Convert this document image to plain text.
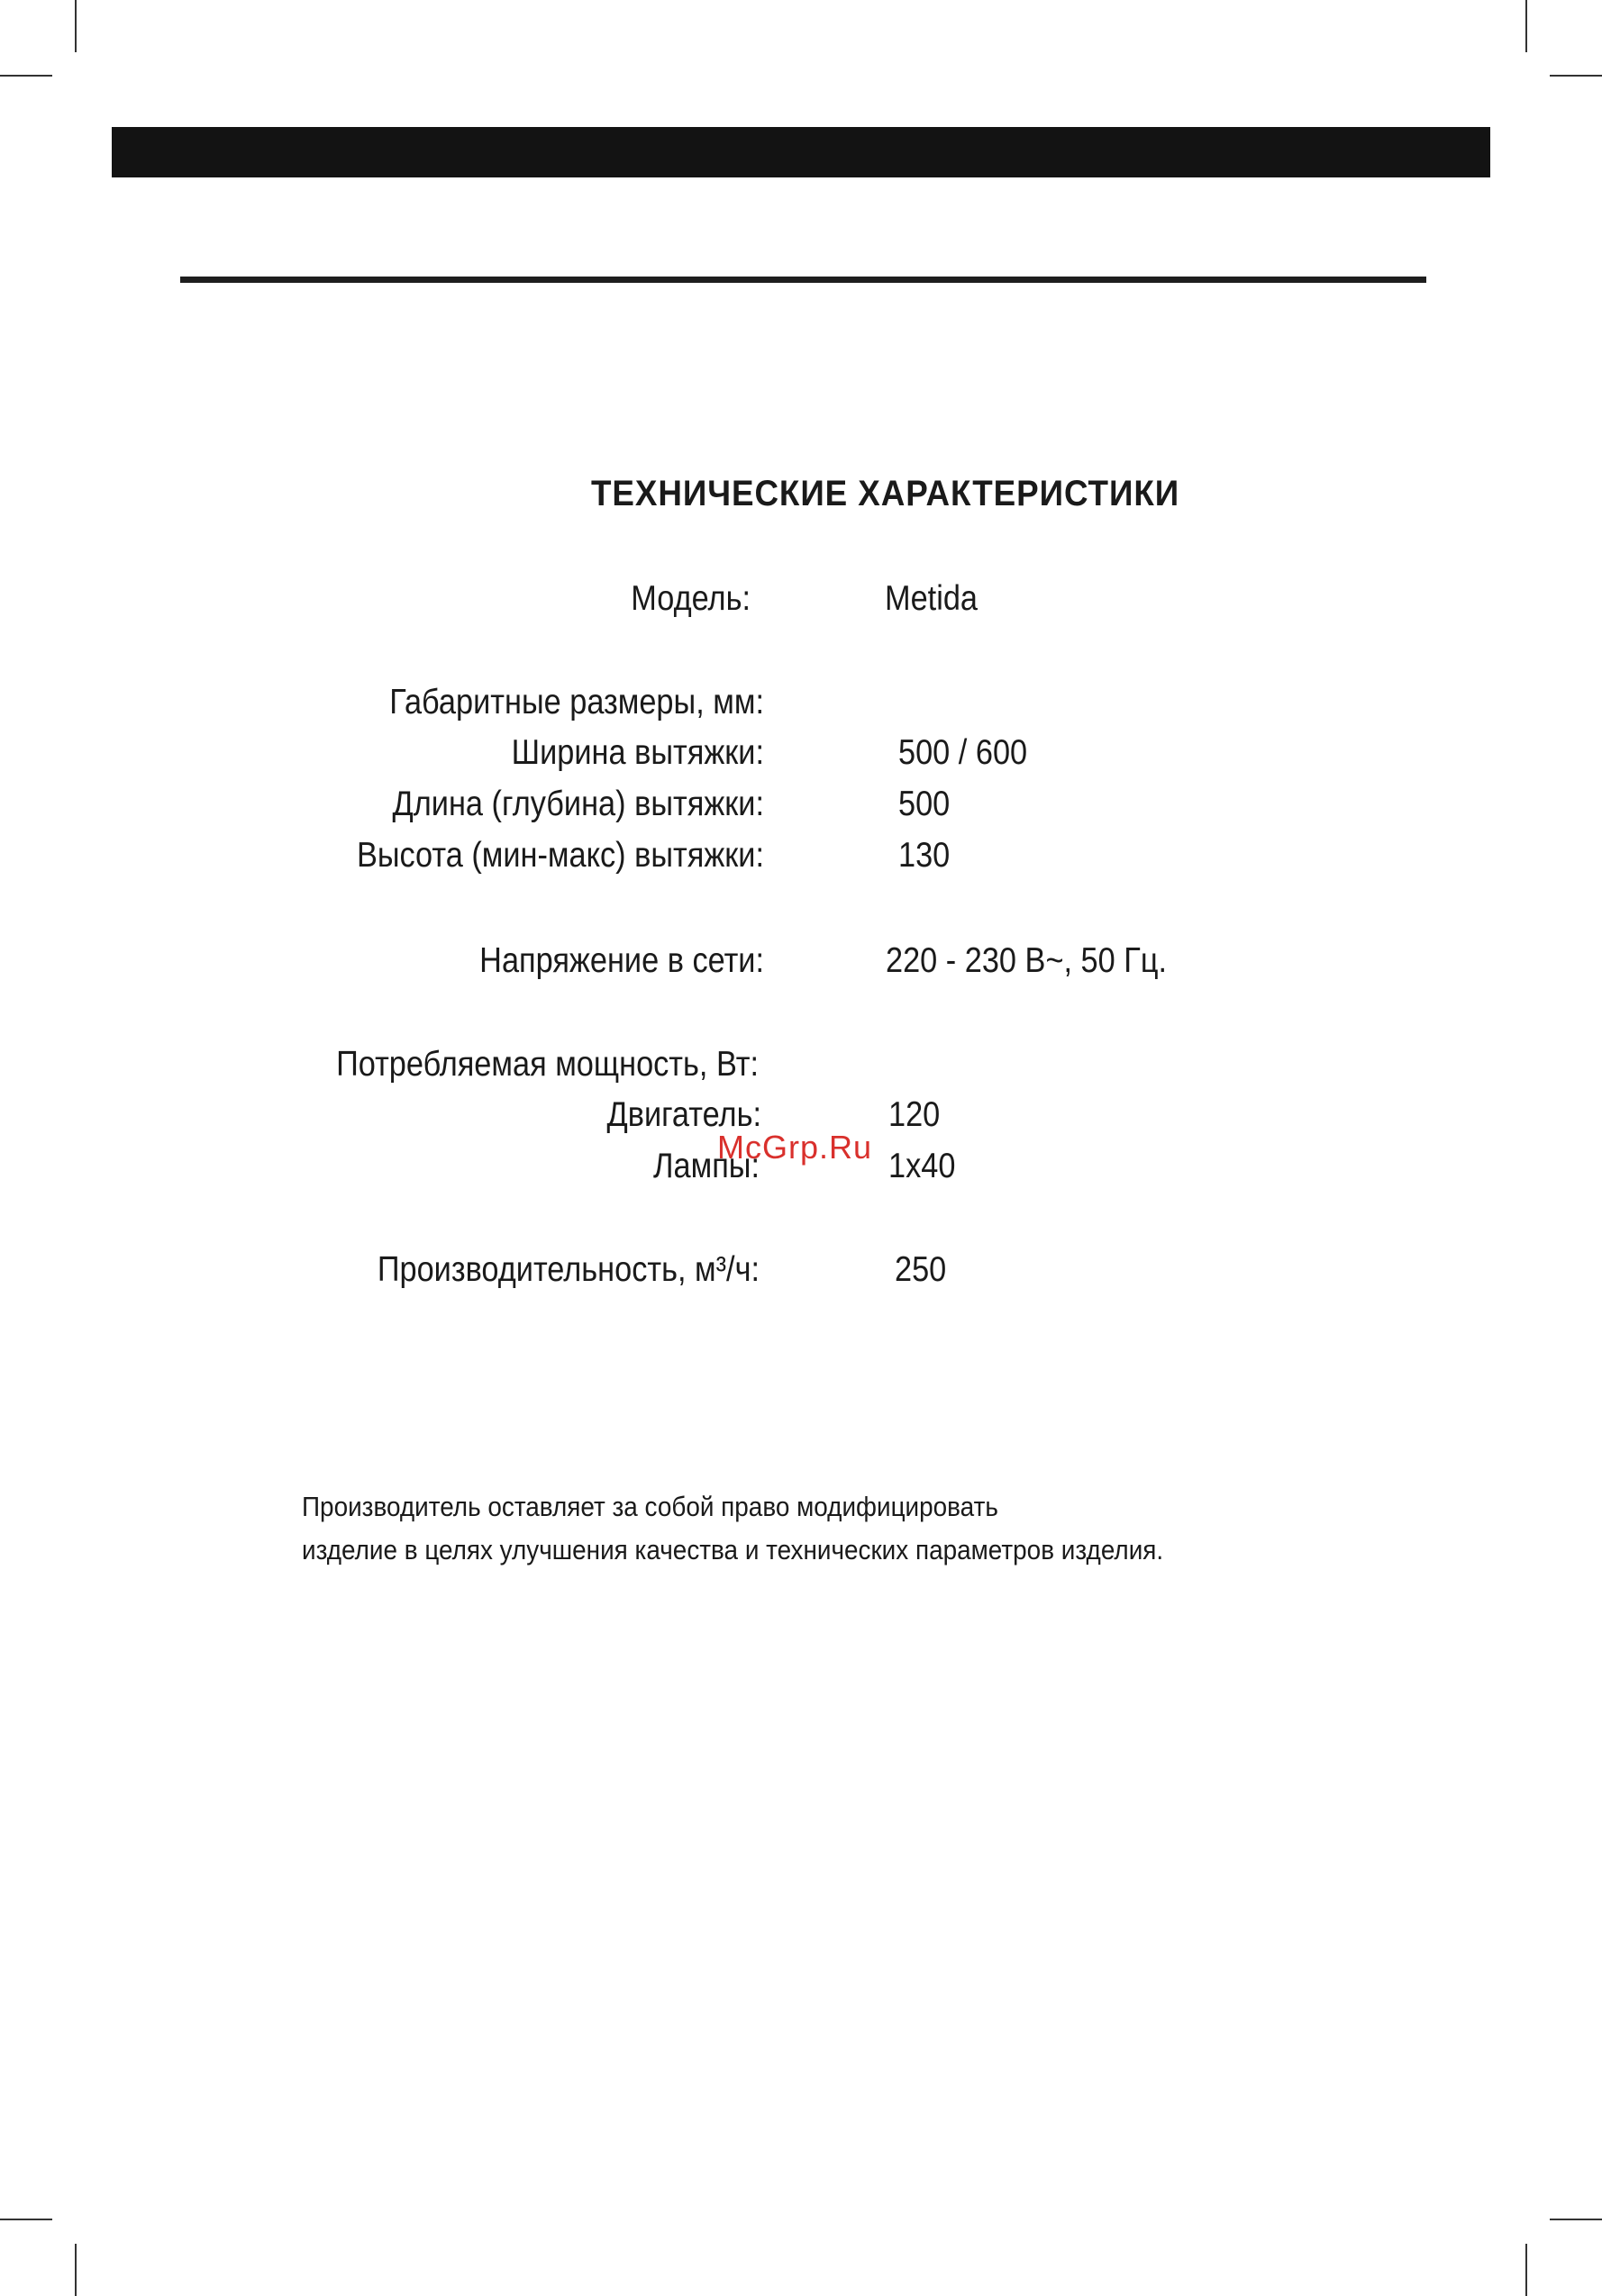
ТЕХНИЧЕСКИЕ ХАРАКТЕРИСТИКИ
Модель:
Габаритные размеры, мм:
Ширина вытяжки:
Длина (глубина) вытяжки:
Высота (мин-макс) вытяжки:
Напряжение в сети:
Потребляемая мощность, Вт:
Двигатель:
Лампы:
Производительность, м³/ч:
Metida
500 / 600
500
130
220 - 230 В~, 50 Гц.
120
1х40
250
McGrp.Ru
Производитель оставляет за собой право модифицировать
изделие в целях улучшения качества и технических параметров изделия.
